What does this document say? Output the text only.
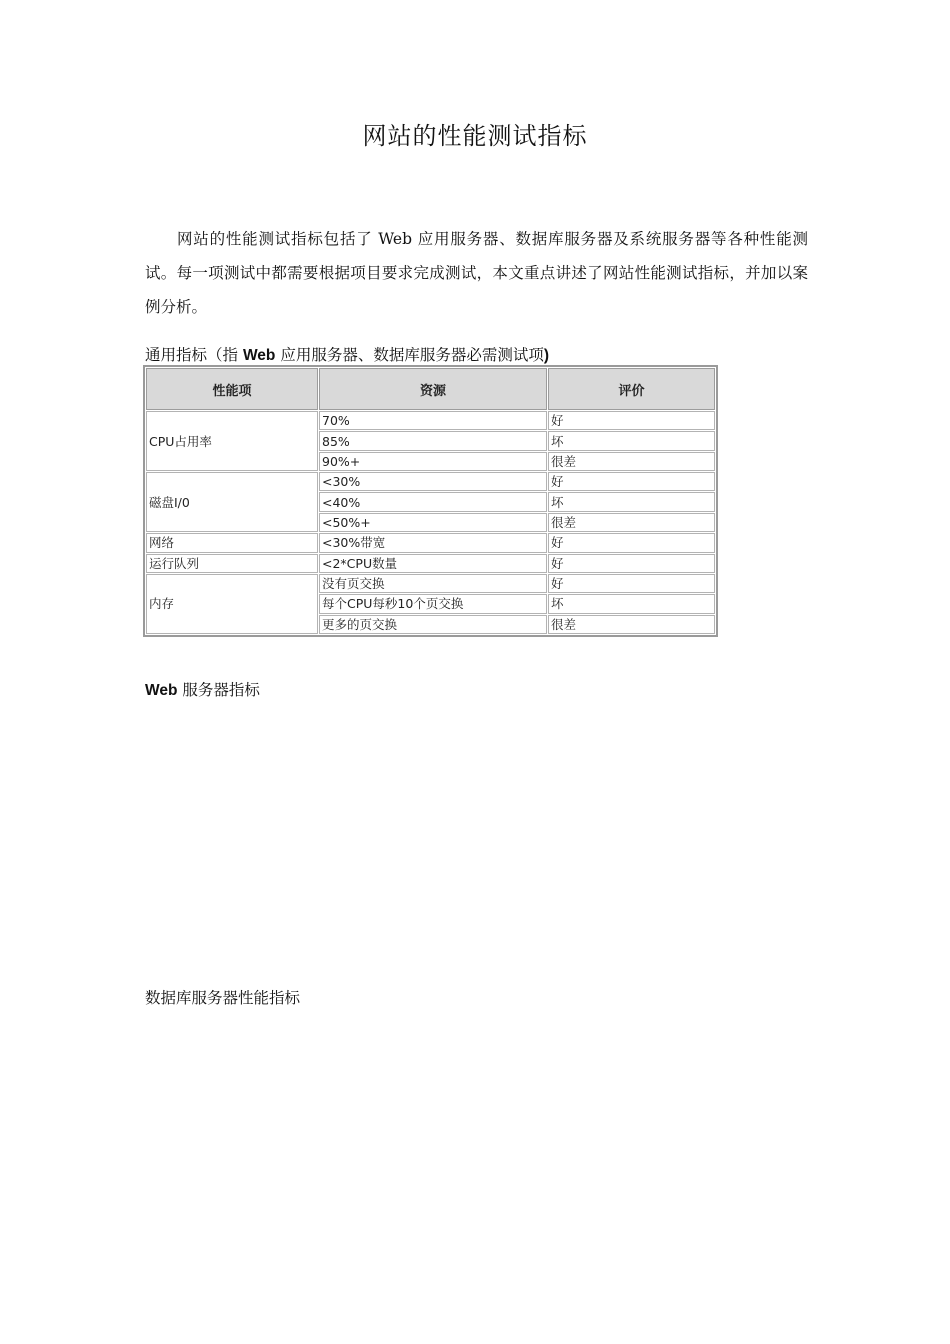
网站的性能测试指标
网站的性能测试指标包括了 Web 应用服务器、数据库服务器及系统服务器等各种性能测试。每一项测试中都需要根据项目要求完成测试，本文重点讲述了网站性能测试指标，并加以案例分析。
通用指标（指 Web 应用服务器、数据库服务器必需测试项)
性能项	资源	评价
CPU占用率	70%	好
	85%	坏
	90%+	很差
磁盘I/0	<30%	好
	<40%	坏
	<50%+	很差
网络	<30%带宽	好
运行队列	<2*CPU数量	好
内存	没有页交换	好
	每个CPU每秒10个页交换	坏
	更多的页交换	很差
Web 服务器指标
数据库服务器性能指标
